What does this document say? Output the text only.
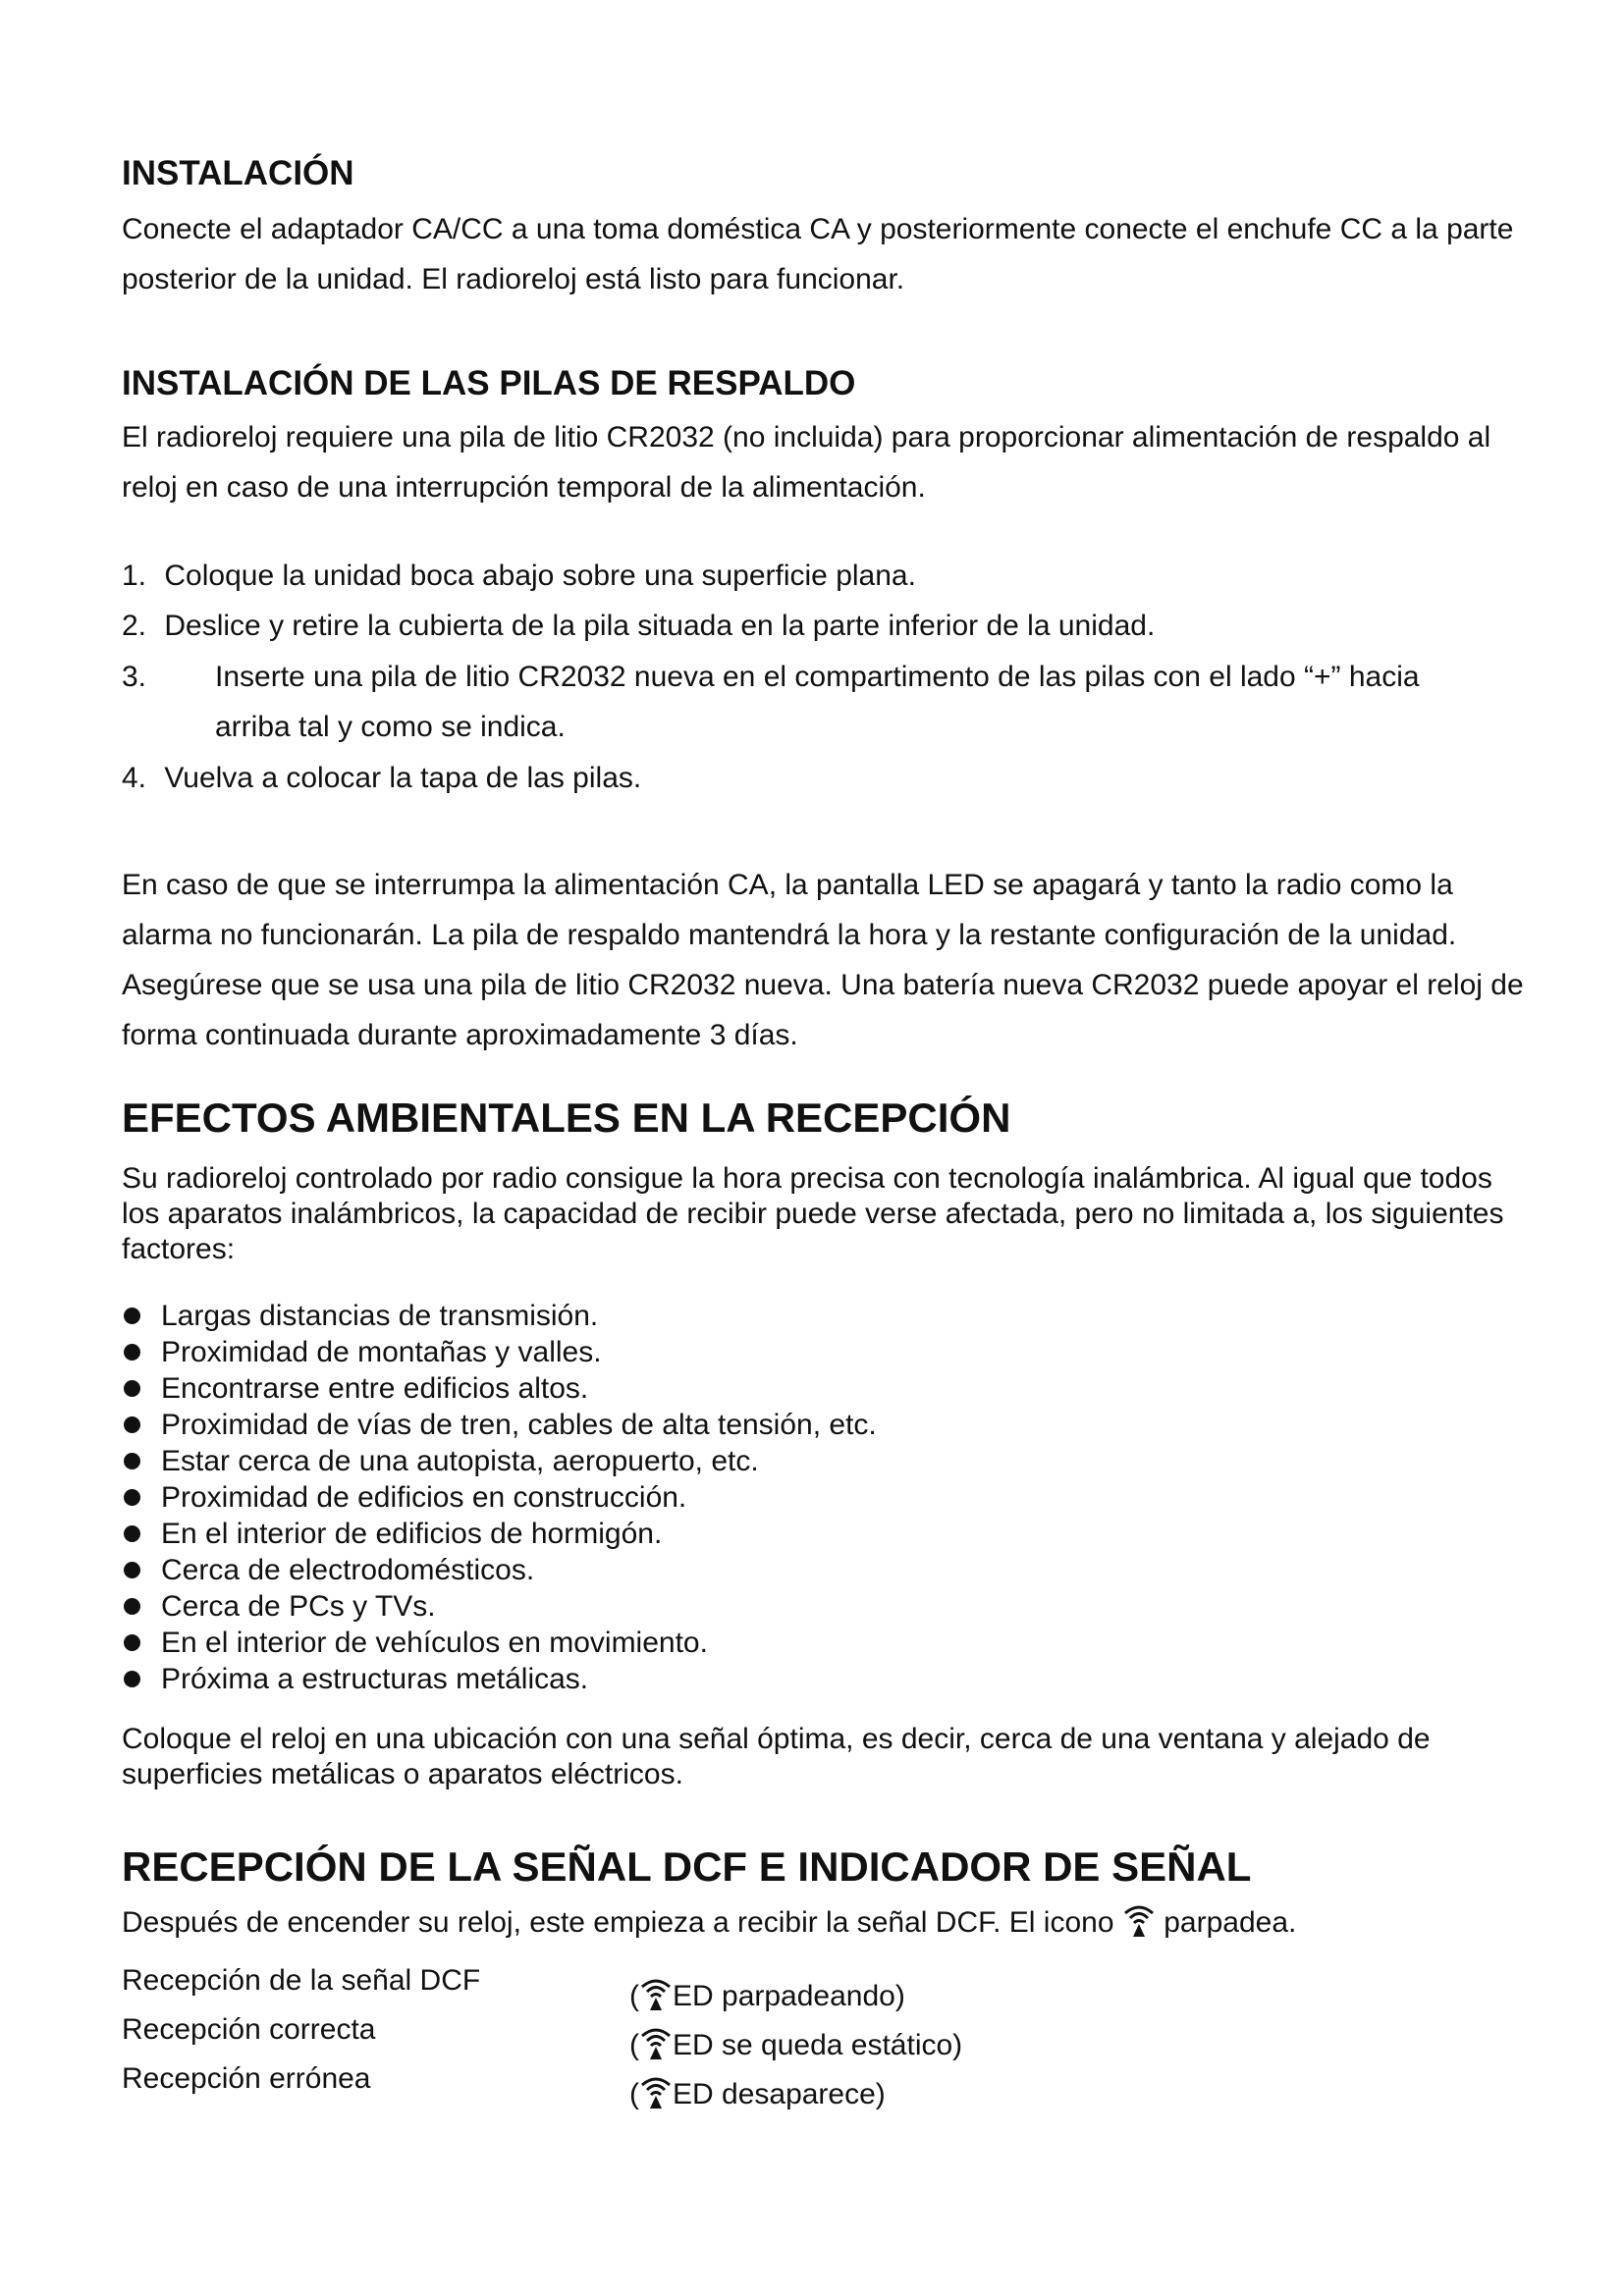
INSTALACIÓN

Conecte el adaptador CA/CC a una toma doméstica CA y posteriormente conecte el enchufe CC a la parte posterior de la unidad. El radioreloj está listo para funcionar.

INSTALACIÓN DE LAS PILAS DE RESPALDO

El radioreloj requiere una pila de litio CR2032 (no incluida) para proporcionar alimentación de respaldo al reloj en caso de una interrupción temporal de la alimentación.

1. Coloque la unidad boca abajo sobre una superficie plana.
2. Deslice y retire la cubierta de la pila situada en la parte inferior de la unidad.
3. Inserte una pila de litio CR2032 nueva en el compartimento de las pilas con el lado “+” hacia arriba tal y como se indica.
4. Vuelva a colocar la tapa de las pilas.

En caso de que se interrumpa la alimentación CA, la pantalla LED se apagará y tanto la radio como la alarma no funcionarán. La pila de respaldo mantendrá la hora y la restante configuración de la unidad. Asegúrese que se usa una pila de litio CR2032 nueva. Una batería nueva CR2032 puede apoyar el reloj de forma continuada durante aproximadamente 3 días.

EFECTOS AMBIENTALES EN LA RECEPCIÓN

Su radioreloj controlado por radio consigue la hora precisa con tecnología inalámbrica. Al igual que todos los aparatos inalámbricos, la capacidad de recibir puede verse afectada, pero no limitada a, los siguientes factores:

Largas distancias de transmisión.
Proximidad de montañas y valles.
Encontrarse entre edificios altos.
Proximidad de vías de tren, cables de alta tensión, etc.
Estar cerca de una autopista, aeropuerto, etc.
Proximidad de edificios en construcción.
En el interior de edificios de hormigón.
Cerca de electrodomésticos.
Cerca de PCs y TVs.
En el interior de vehículos en movimiento.
Próxima a estructuras metálicas.

Coloque el reloj en una ubicación con una señal óptima, es decir, cerca de una ventana y alejado de superficies metálicas o aparatos eléctricos.

RECEPCIÓN DE LA SEÑAL DCF E INDICADOR DE SEÑAL
Después de encender su reloj, este empieza a recibir la señal DCF. El icono parpadea.
Recepción de la señal DCF	( ED parpadeando)
Recepción correcta	( ED se queda estático)
Recepción errónea	( ED desaparece)
